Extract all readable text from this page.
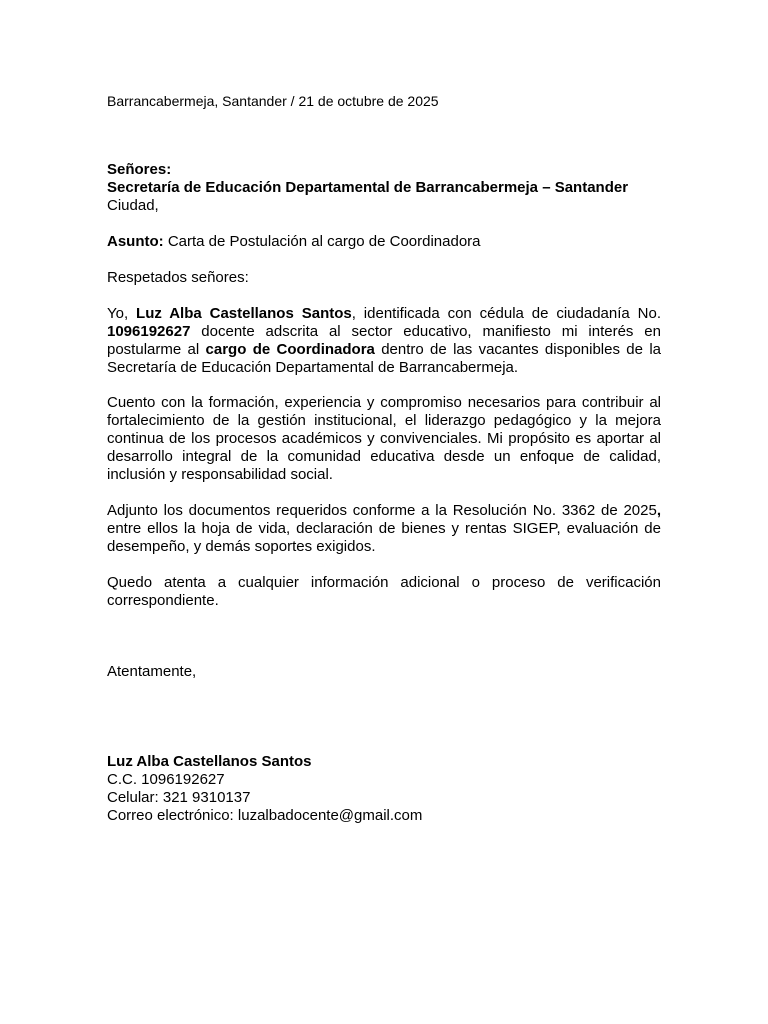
Barrancabermeja, Santander / 21 de octubre de 2025
Señores:
Secretaría de Educación Departamental de Barrancabermeja – Santander
Ciudad,
Asunto: Carta de Postulación al cargo de Coordinadora
Respetados señores:

Yo, Luz Alba Castellanos Santos, identificada con cédula de ciudadanía No. 1096192627 docente adscrita al sector educativo, manifiesto mi interés en postularme al cargo de Coordinadora dentro de las vacantes disponibles de la Secretaría de Educación Departamental de Barrancabermeja.

Cuento con la formación, experiencia y compromiso necesarios para contribuir al fortalecimiento de la gestión institucional, el liderazgo pedagógico y la mejora continua de los procesos académicos y convivenciales. Mi propósito es aportar al desarrollo integral de la comunidad educativa desde un enfoque de calidad, inclusión y responsabilidad social.

Adjunto los documentos requeridos conforme a la Resolución No. 3362 de 2025, entre ellos la hoja de vida, declaración de bienes y rentas SIGEP, evaluación de desempeño, y demás soportes exigidos.

Quedo atenta a cualquier información adicional o proceso de verificación correspondiente.

Atentamente,
Luz Alba Castellanos Santos
C.C. 1096192627
Celular: 321 9310137
Correo electrónico: luzalbadocente@gmail.com
